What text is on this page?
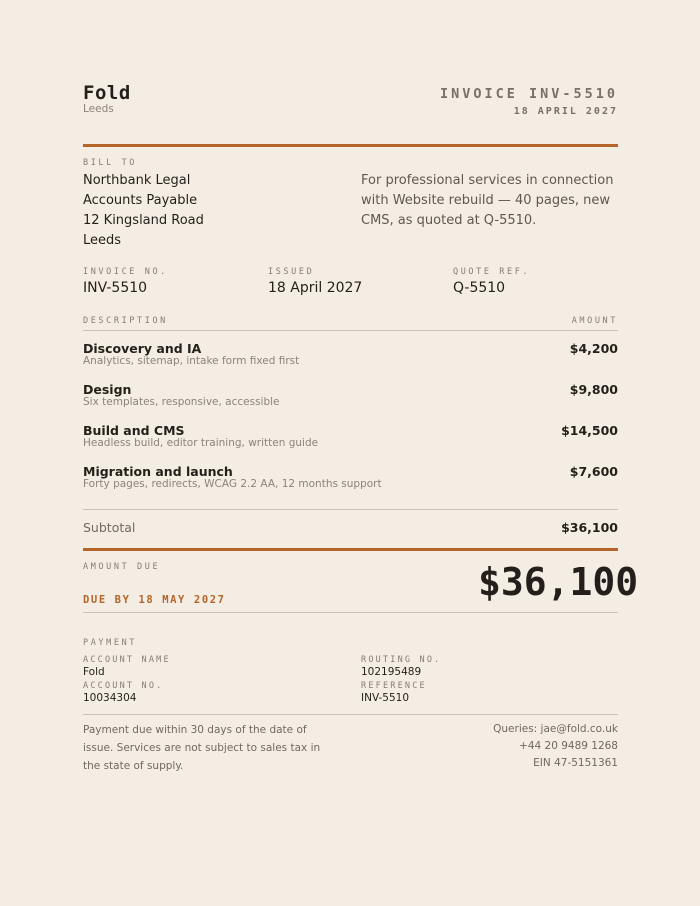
Fold
Leeds
INVOICE INV-5510
18 APRIL 2027
BILL TO
Northbank Legal
Accounts Payable
12 Kingsland Road
Leeds
For professional services in connection with Website rebuild — 40 pages, new CMS, as quoted at Q-5510.
INVOICE NO.
INV-5510
ISSUED
18 April 2027
QUOTE REF.
Q-5510
DESCRIPTION	AMOUNT
Discovery and IA
Analytics, sitemap, intake form fixed first
$4,200
Design
Six templates, responsive, accessible
$9,800
Build and CMS
Headless build, editor training, written guide
$14,500
Migration and launch
Forty pages, redirects, WCAG 2.2 AA, 12 months support
$7,600
Subtotal	$36,100
AMOUNT DUE
DUE BY 18 MAY 2027	$36,100
PAYMENT
ACCOUNT NAME
Fold
ACCOUNT NO.
10034304
ROUTING NO.
102195489
REFERENCE
INV-5510
Payment due within 30 days of the date of issue. Services are not subject to sales tax in the state of supply.
Queries: jae@fold.co.uk
+44 20 9489 1268
EIN 47-5151361
